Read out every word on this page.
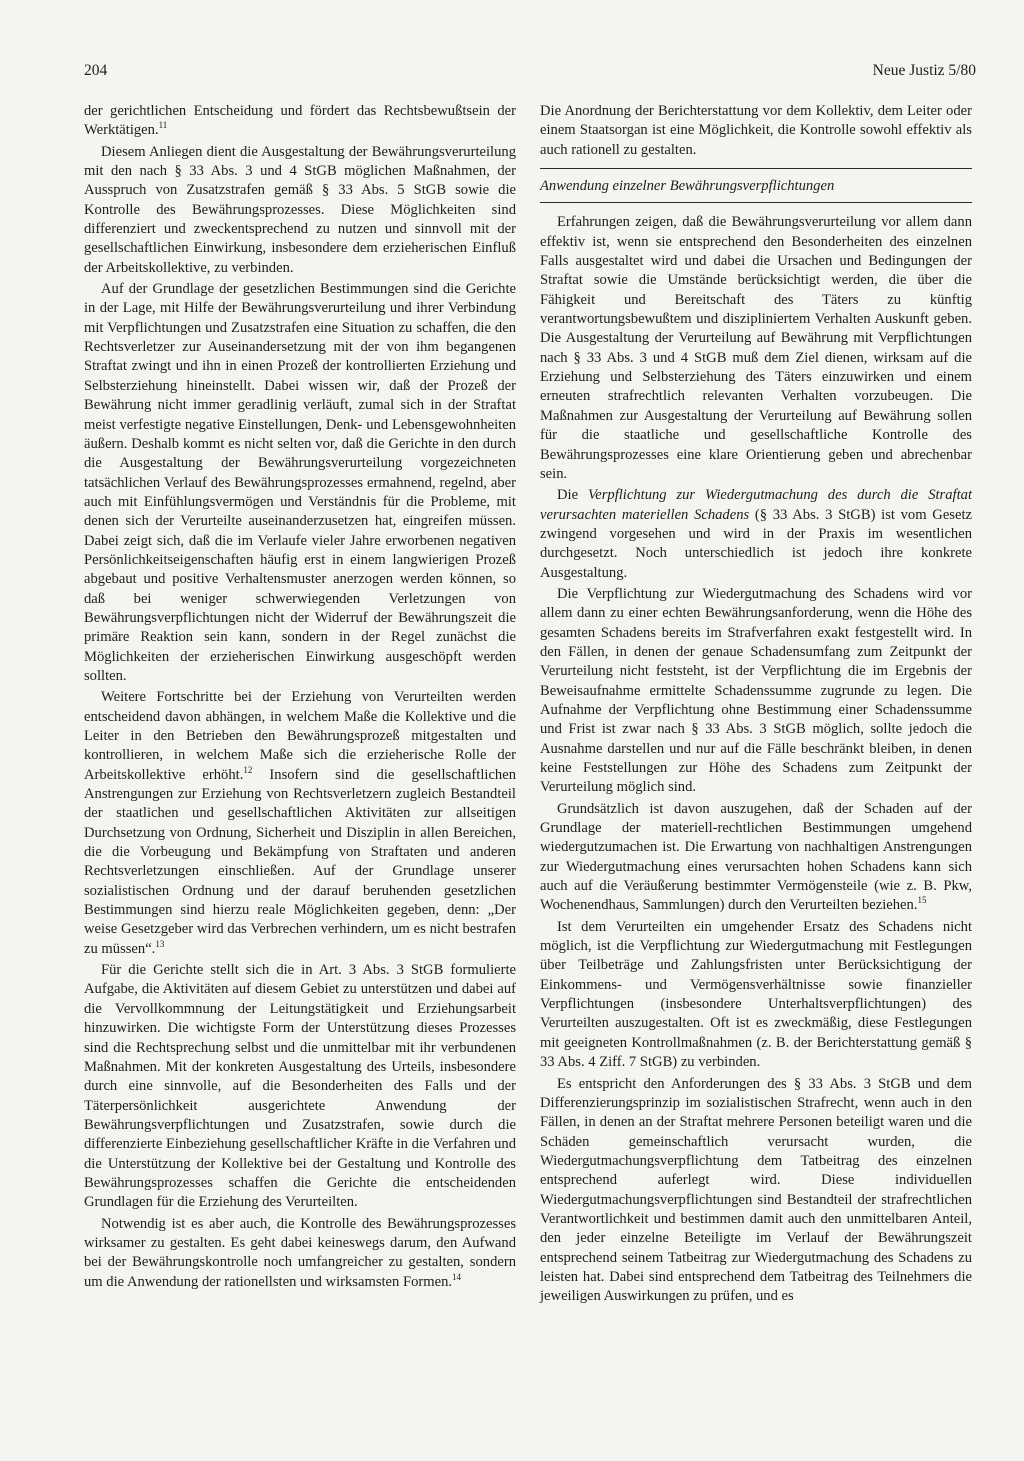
204	Neue Justiz 5/80

der gerichtlichen Entscheidung und fördert das Rechtsbewußtsein der Werktätigen.$^{11}$

Diesem Anliegen dient die Ausgestaltung der Bewährungsverurteilung mit den nach § 33 Abs. 3 und 4 StGB möglichen Maßnahmen, der Ausspruch von Zusatzstrafen gemäß § 33 Abs. 5 StGB sowie die Kontrolle des Bewährungsprozesses. Diese Möglichkeiten sind differenziert und zweckentsprechend zu nutzen und sinnvoll mit der gesellschaftlichen Einwirkung, insbesondere dem erzieherischen Einfluß der Arbeitskollektive, zu verbinden.

Auf der Grundlage der gesetzlichen Bestimmungen sind die Gerichte in der Lage, mit Hilfe der Bewährungsverurteilung und ihrer Verbindung mit Verpflichtungen und Zusatzstrafen eine Situation zu schaffen, die den Rechtsverletzer zur Auseinandersetzung mit der von ihm begangenen Straftat zwingt und ihn in einen Prozeß der kontrollierten Erziehung und Selbsterziehung hineinstellt. Dabei wissen wir, daß der Prozeß der Bewährung nicht immer geradlinig verläuft, zumal sich in der Straftat meist verfestigte negative Einstellungen, Denk- und Lebensgewohnheiten äußern. Deshalb kommt es nicht selten vor, daß die Gerichte in den durch die Ausgestaltung der Bewährungsverurteilung vorgezeichneten tatsächlichen Verlauf des Bewährungsprozesses ermahnend, regelnd, aber auch mit Einfühlungsvermögen und Verständnis für die Probleme, mit denen sich der Verurteilte auseinanderzusetzen hat, eingreifen müssen. Dabei zeigt sich, daß die im Verlaufe vieler Jahre erworbenen negativen Persönlichkeitseigenschaften häufig erst in einem langwierigen Prozeß abgebaut und positive Verhaltensmuster anerzogen werden können, so daß bei weniger schwerwiegenden Verletzungen von Bewährungsverpflichtungen nicht der Widerruf der Bewährungszeit die primäre Reaktion sein kann, sondern in der Regel zunächst die Möglichkeiten der erzieherischen Einwirkung ausgeschöpft werden sollten.

Weitere Fortschritte bei der Erziehung von Verurteilten werden entscheidend davon abhängen, in welchem Maße die Kollektive und die Leiter in den Betrieben den Bewährungsprozeß mitgestalten und kontrollieren, in welchem Maße sich die erzieherische Rolle der Arbeitskollektive erhöht.$^{12}$ Insofern sind die gesellschaftlichen Anstrengungen zur Erziehung von Rechtsverletzern zugleich Bestandteil der staatlichen und gesellschaftlichen Aktivitäten zur allseitigen Durchsetzung von Ordnung, Sicherheit und Disziplin in allen Bereichen, die die Vorbeugung und Bekämpfung von Straftaten und anderen Rechtsverletzungen einschließen. Auf der Grundlage unserer sozialistischen Ordnung und der darauf beruhenden gesetzlichen Bestimmungen sind hierzu reale Möglichkeiten gegeben, denn: „Der weise Gesetzgeber wird das Verbrechen verhindern, um es nicht bestrafen zu müssen“.$^{13}$

Für die Gerichte stellt sich die in Art. 3 Abs. 3 StGB formulierte Aufgabe, die Aktivitäten auf diesem Gebiet zu unterstützen und dabei auf die Vervollkommnung der Leitungstätigkeit und Erziehungsarbeit hinzuwirken. Die wichtigste Form der Unterstützung dieses Prozesses sind die Rechtsprechung selbst und die unmittelbar mit ihr verbundenen Maßnahmen. Mit der konkreten Ausgestaltung des Urteils, insbesondere durch eine sinnvolle, auf die Besonderheiten des Falls und der Täterpersönlichkeit ausgerichtete Anwendung der Bewährungsverpflichtungen und Zusatzstrafen, sowie durch die differenzierte Einbeziehung gesellschaftlicher Kräfte in die Verfahren und die Unterstützung der Kollektive bei der Gestaltung und Kontrolle des Bewährungsprozesses schaffen die Gerichte die entscheidenden Grundlagen für die Erziehung des Verurteilten.

Notwendig ist es aber auch, die Kontrolle des Bewährungsprozesses wirksamer zu gestalten. Es geht dabei keineswegs darum, den Aufwand bei der Bewährungskontrolle noch umfangreicher zu gestalten, sondern um die Anwendung der rationellsten und wirksamsten Formen.$^{14}$

Die Anordnung der Berichterstattung vor dem Kollektiv, dem Leiter oder einem Staatsorgan ist eine Möglichkeit, die Kontrolle sowohl effektiv als auch rationell zu gestalten.

Anwendung einzelner Bewährungsverpflichtungen

Erfahrungen zeigen, daß die Bewährungsverurteilung vor allem dann effektiv ist, wenn sie entsprechend den Besonderheiten des einzelnen Falls ausgestaltet wird und dabei die Ursachen und Bedingungen der Straftat sowie die Umstände berücksichtigt werden, die über die Fähigkeit und Bereitschaft des Täters zu künftig verantwortungsbewußtem und diszipliniertem Verhalten Auskunft geben. Die Ausgestaltung der Verurteilung auf Bewährung mit Verpflichtungen nach § 33 Abs. 3 und 4 StGB muß dem Ziel dienen, wirksam auf die Erziehung und Selbsterziehung des Täters einzuwirken und einem erneuten strafrechtlich relevanten Verhalten vorzubeugen. Die Maßnahmen zur Ausgestaltung der Verurteilung auf Bewährung sollen für die staatliche und gesellschaftliche Kontrolle des Bewährungsprozesses eine klare Orientierung geben und abrechenbar sein.

Die Verpflichtung zur Wiedergutmachung des durch die Straftat verursachten materiellen Schadens (§ 33 Abs. 3 StGB) ist vom Gesetz zwingend vorgesehen und wird in der Praxis im wesentlichen durchgesetzt. Noch unterschiedlich ist jedoch ihre konkrete Ausgestaltung.

Die Verpflichtung zur Wiedergutmachung des Schadens wird vor allem dann zu einer echten Bewährungsanforderung, wenn die Höhe des gesamten Schadens bereits im Strafverfahren exakt festgestellt wird. In den Fällen, in denen der genaue Schadensumfang zum Zeitpunkt der Verurteilung nicht feststeht, ist der Verpflichtung die im Ergebnis der Beweisaufnahme ermittelte Schadenssumme zugrunde zu legen. Die Aufnahme der Verpflichtung ohne Bestimmung einer Schadenssumme und Frist ist zwar nach § 33 Abs. 3 StGB möglich, sollte jedoch die Ausnahme darstellen und nur auf die Fälle beschränkt bleiben, in denen keine Feststellungen zur Höhe des Schadens zum Zeitpunkt der Verurteilung möglich sind.

Grundsätzlich ist davon auszugehen, daß der Schaden auf der Grundlage der materiell-rechtlichen Bestimmungen umgehend wiedergutzumachen ist. Die Erwartung von nachhaltigen Anstrengungen zur Wiedergutmachung eines verursachten hohen Schadens kann sich auch auf die Veräußerung bestimmter Vermögensteile (wie z. B. Pkw, Wochenendhaus, Sammlungen) durch den Verurteilten beziehen.$^{15}$

Ist dem Verurteilten ein umgehender Ersatz des Schadens nicht möglich, ist die Verpflichtung zur Wiedergutmachung mit Festlegungen über Teilbeträge und Zahlungsfristen unter Berücksichtigung der Einkommens- und Vermögensverhältnisse sowie finanzieller Verpflichtungen (insbesondere Unterhaltsverpflichtungen) des Verurteilten auszugestalten. Oft ist es zweckmäßig, diese Festlegungen mit geeigneten Kontrollmaßnahmen (z. B. der Berichterstattung gemäß § 33 Abs. 4 Ziff. 7 StGB) zu verbinden.

Es entspricht den Anforderungen des § 33 Abs. 3 StGB und dem Differenzierungsprinzip im sozialistischen Strafrecht, wenn auch in den Fällen, in denen an der Straftat mehrere Personen beteiligt waren und die Schäden gemeinschaftlich verursacht wurden, die Wiedergutmachungsverpflichtung dem Tatbeitrag des einzelnen entsprechend auferlegt wird. Diese individuellen Wiedergutmachungsverpflichtungen sind Bestandteil der strafrechtlichen Verantwortlichkeit und bestimmen damit auch den unmittelbaren Anteil, den jeder einzelne Beteiligte im Verlauf der Bewährungszeit entsprechend seinem Tatbeitrag zur Wiedergutmachung des Schadens zu leisten hat. Dabei sind entsprechend dem Tatbeitrag des Teilnehmers die jeweiligen Auswirkungen zu prüfen, und es
